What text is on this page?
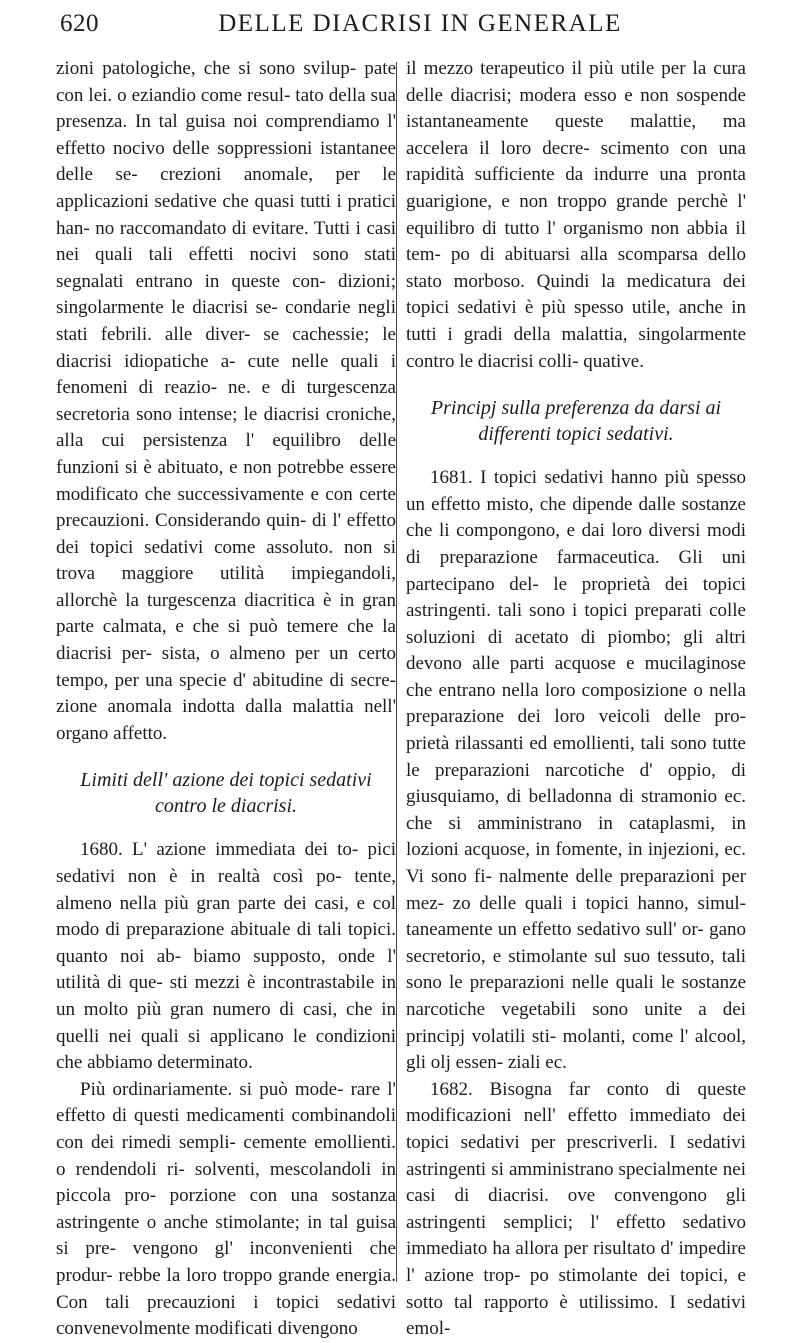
620	DELLE DIACRISI IN GENERALE

zioni patologiche, che si sono svilup- pate con lei. o eziandio come resul- tato della sua presenza. In tal guisa noi comprendiamo l' effetto nocivo delle soppressioni istantanee delle se- crezioni anomale, per le applicazioni sedative che quasi tutti i pratici han- no raccomandato di evitare. Tutti i casi nei quali tali effetti nocivi sono stati segnalati entrano in queste con- dizioni; singolarmente le diacrisi se- condarie negli stati febrili. alle diver- se cachessie; le diacrisi idiopatiche a- cute nelle quali i fenomeni di reazio- ne. e di turgescenza secretoria sono intense; le diacrisi croniche, alla cui persistenza l' equilibro delle funzioni si è abituato, e non potrebbe essere modificato che successivamente e con certe precauzioni. Considerando quin- di l' effetto dei topici sedativi come assoluto. non si trova maggiore utilità impiegandoli, allorchè la turgescenza diacritica è in gran parte calmata, e che si può temere che la diacrisi per- sista, o almeno per un certo tempo, per una specie d' abitudine di secre- zione anomala indotta dalla malattia nell' organo affetto.

Limiti dell' azione dei topici sedativi
contro le diacrisi.

1680. L' azione immediata dei to- pici sedativi non è in realtà così po- tente, almeno nella più gran parte dei casi, e col modo di preparazione abituale di tali topici. quanto noi ab- biamo supposto, onde l' utilità di que- sti mezzi è incontrastabile in un molto più gran numero di casi, che in quelli nei quali si applicano le condizioni che abbiamo determinato.

Più ordinariamente. si può mode- rare l' effetto di questi medicamenti combinandoli con dei rimedi sempli- cemente emollienti. o rendendoli ri- solventi, mescolandoli in piccola pro- porzione con una sostanza astringente o anche stimolante; in tal guisa si pre- vengono gl' inconvenienti che produr- rebbe la loro troppo grande energia. Con tali precauzioni i topici sedativi convenevolmente modificati divengono

il mezzo terapeutico il più utile per la cura delle diacrisi; modera esso e non sospende istantaneamente queste malattie, ma accelera il loro decre- scimento con una rapidità sufficiente da indurre una pronta guarigione, e non troppo grande perchè l' equilibro di tutto l' organismo non abbia il tem- po di abituarsi alla scomparsa dello stato morboso. Quindi la medicatura dei topici sedativi è più spesso utile, anche in tutti i gradi della malattia, singolarmente contro le diacrisi colli- quative.

Principj sulla preferenza da darsi ai
differenti topici sedativi.

1681. I topici sedativi hanno più spesso un effetto misto, che dipende dalle sostanze che li compongono, e dai loro diversi modi di preparazione farmaceutica. Gli uni partecipano del- le proprietà dei topici astringenti. tali sono i topici preparati colle soluzioni di acetato di piombo; gli altri devono alle parti acquose e mucilaginose che entrano nella loro composizione o nella preparazione dei loro veicoli delle pro- prietà rilassanti ed emollienti, tali sono tutte le preparazioni narcotiche d' oppio, di giusquiamo, di belladonna di stramonio ec. che si amministrano in cataplasmi, in lozioni acquose, in fomente, in injezioni, ec. Vi sono fi- nalmente delle preparazioni per mez- zo delle quali i topici hanno, simul- taneamente un effetto sedativo sull' or- gano secretorio, e stimolante sul suo tessuto, tali sono le preparazioni nelle quali le sostanze narcotiche vegetabili sono unite a dei principj volatili sti- molanti, come l' alcool, gli olj essen- ziali ec.

1682. Bisogna far conto di queste modificazioni nell' effetto immediato dei topici sedativi per prescriverli. I sedativi astringenti si amministrano specialmente nei casi di diacrisi. ove convengono gli astringenti semplici; l' effetto sedativo immediato ha allora per risultato d' impedire l' azione trop- po stimolante dei topici, e sotto tal rapporto è utilissimo. I sedativi emol-
